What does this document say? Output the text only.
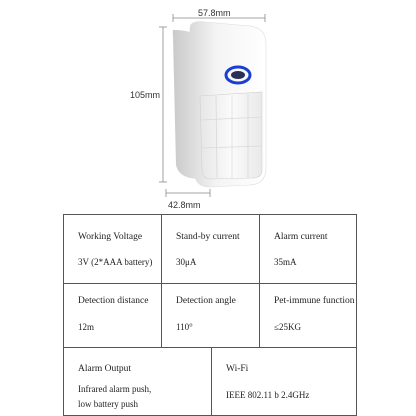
57.8mm
105mm
42.8mm
Working Voltage
3V (2*AAA battery)
Stand-by current
30μA
Alarm current
35mA
Detection distance
12m
Detection angle
110°
Pet-immune function
≤25KG
Alarm Output
Infrared alarm push,
low battery push
Wi-Fi
IEEE 802.11 b 2.4GHz
